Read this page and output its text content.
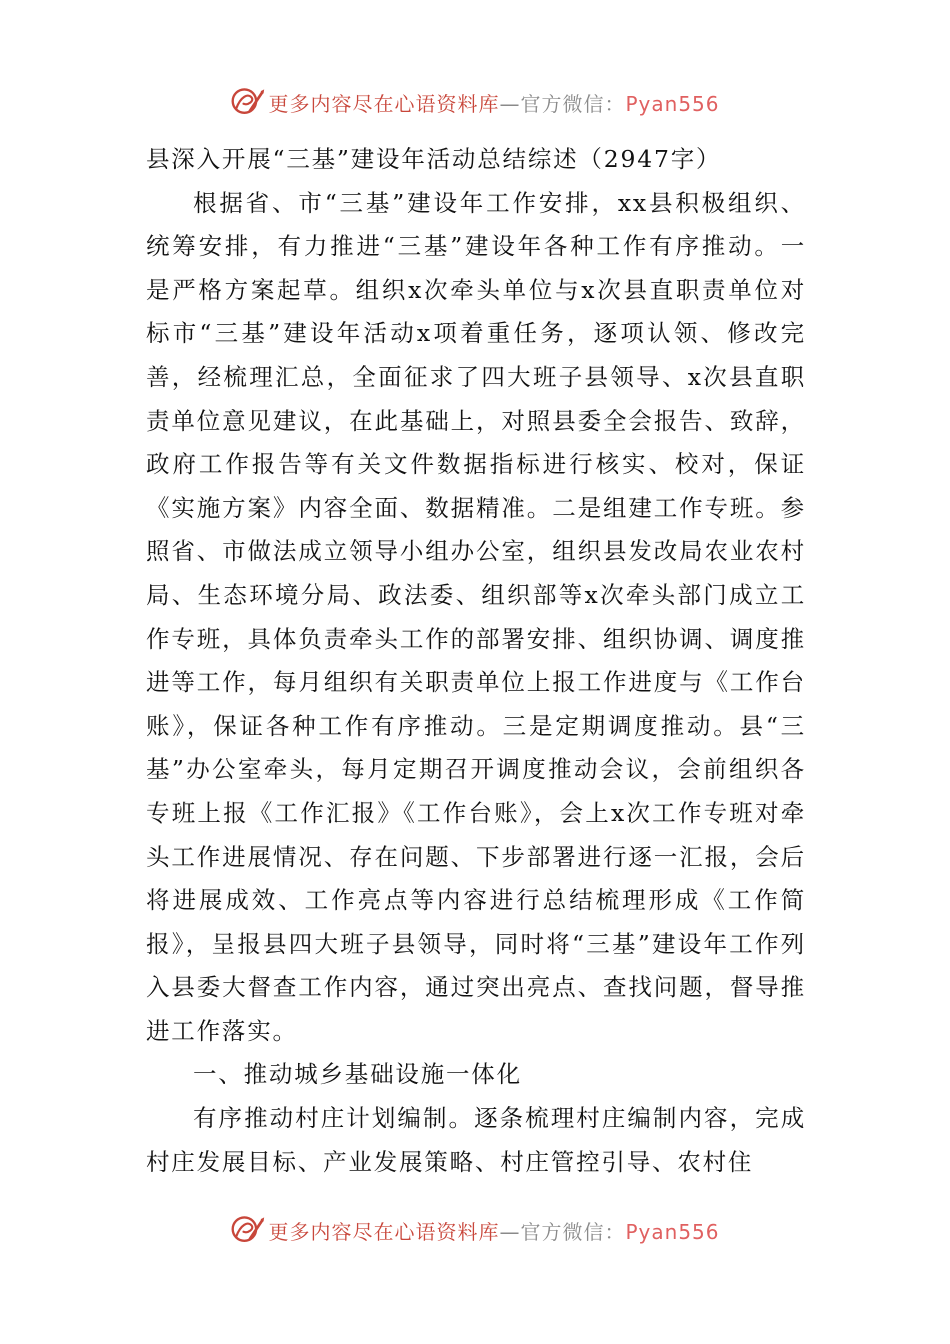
更多内容尽在心语资料库—官方微信：Pyan556

县深入开展“三基”建设年活动总结综述（2947字）

根据省、市“三基”建设年工作安排，xx县积极组织、统筹安排，有力推进“三基”建设年各种工作有序推动。一是严格方案起草。组织x次牵头单位与x次县直职责单位对标市“三基”建设年活动x项着重任务，逐项认领、修改完善，经梳理汇总，全面征求了四大班子县领导、x次县直职责单位意见建议，在此基础上，对照县委全会报告、致辞，政府工作报告等有关文件数据指标进行核实、校对，保证《实施方案》内容全面、数据精准。二是组建工作专班。参照省、市做法成立领导小组办公室，组织县发改局农业农村局、生态环境分局、政法委、组织部等x次牵头部门成立工作专班，具体负责牵头工作的部署安排、组织协调、调度推进等工作，每月组织有关职责单位上报工作进度与《工作台账》，保证各种工作有序推动。三是定期调度推动。县“三基”办公室牵头，每月定期召开调度推动会议，会前组织各专班上报《工作汇报》《工作台账》，会上x次工作专班对牵头工作进展情况、存在问题、下步部署进行逐一汇报，会后将进展成效、工作亮点等内容进行总结梳理形成《工作简报》，呈报县四大班子县领导，同时将“三基”建设年工作列入县委大督查工作内容，通过突出亮点、查找问题，督导推进工作落实。

一、推动城乡基础设施一体化

有序推动村庄计划编制。逐条梳理村庄编制内容，完成村庄发展目标、产业发展策略、村庄管控引导、农村住

更多内容尽在心语资料库—官方微信：Pyan556
